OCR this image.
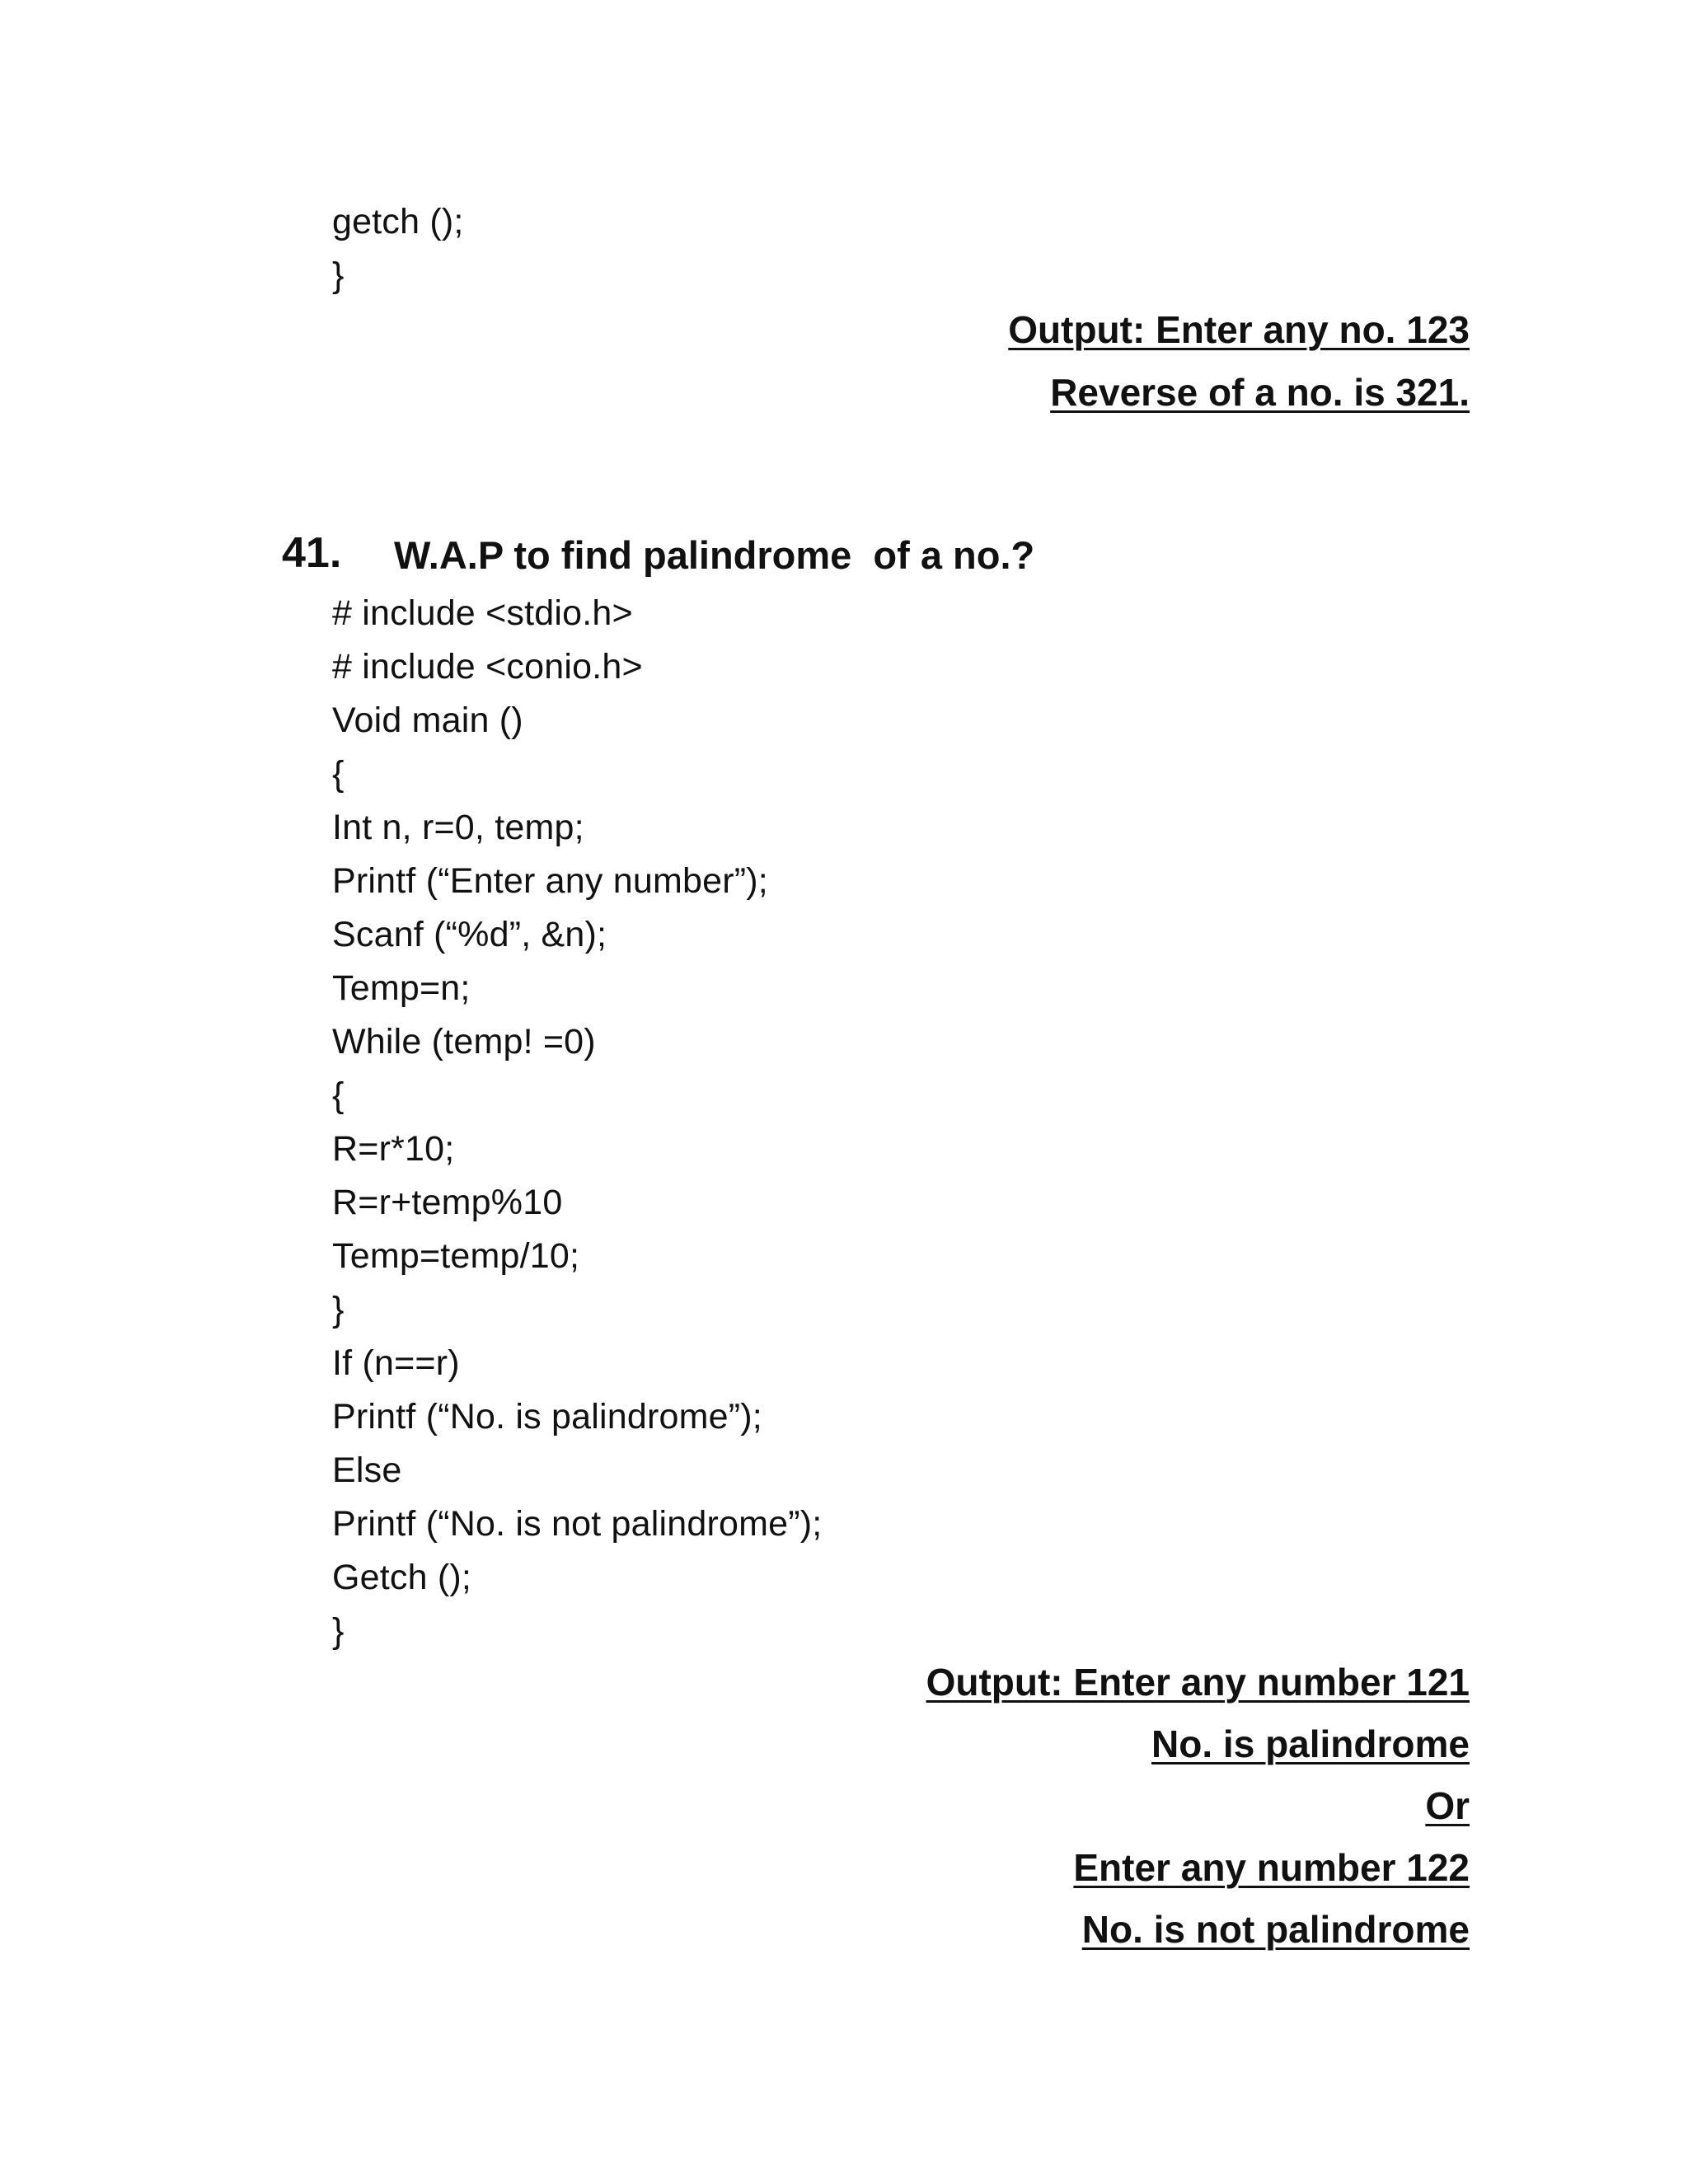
getch ();
}
Output: Enter any no. 123
Reverse of a no. is 321.
41. W.A.P to find palindrome  of a no.?
# include <stdio.h>
# include <conio.h>
Void main ()
{
Int n, r=0, temp;
Printf (“Enter any number”);
Scanf (“%d”, &n);
Temp=n;
While (temp! =0)
{
R=r*10;
R=r+temp%10
Temp=temp/10;
}
If (n==r)
Printf (“No. is palindrome”);
Else
Printf (“No. is not palindrome”);
Getch ();
}
Output: Enter any number 121
No. is palindrome
Or
Enter any number 122
No. is not palindrome
